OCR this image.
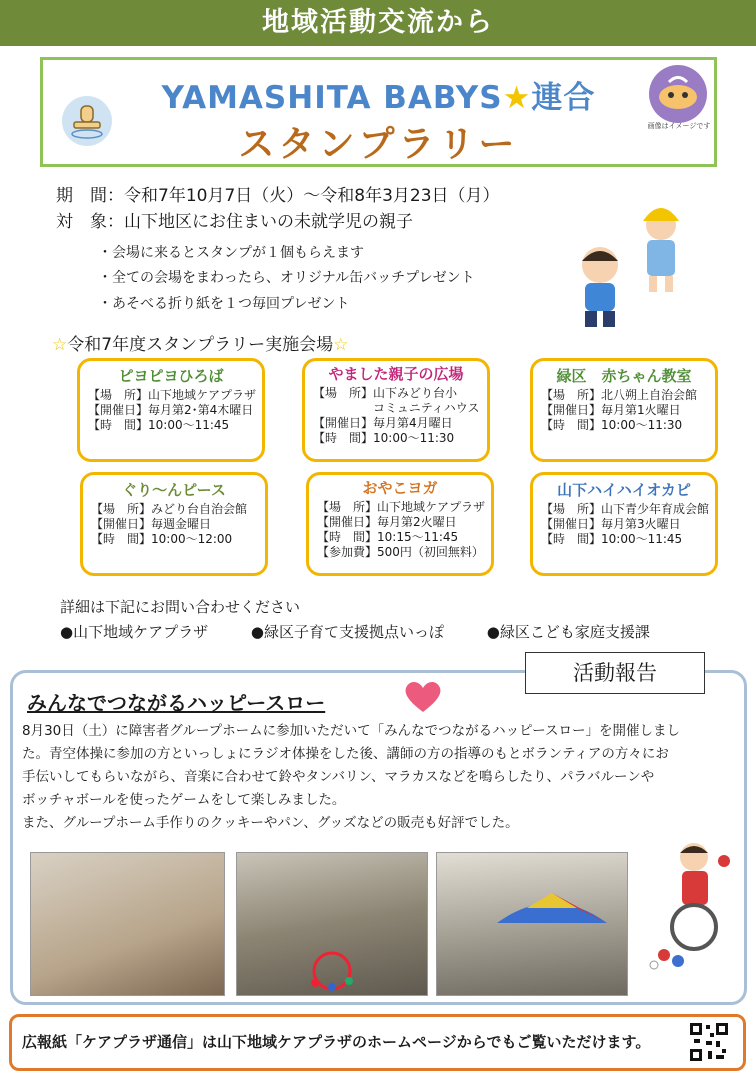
地域活動交流から
YAMASHITA BABYS★連合
スタンプラリー	画像はイメージです
期　間：令和7年10月7日（火）～令和8年3月23日（月）
対　象：山下地区にお住まいの未就学児の親子
・会場に来るとスタンプが１個もらえます
・全ての会場をまわったら、オリジナル缶バッチプレゼント
・あそべる折り紙を１つ毎回プレゼント
☆令和7年度スタンプラリー実施会場☆
ピヨピヨひろば
【場　所】山下地域ケアプラザ
【開催日】毎月第2･第4木曜日
【時　間】10:00～11:45
やました親子の広場
【場　所】山下みどり台小
　　　　　コミュニティハウス
【開催日】毎月第4月曜日
【時　間】10:00～11:30
緑区　赤ちゃん教室
【場　所】北八朔上自治会館
【開催日】毎月第1火曜日
【時　間】10:00～11:30
ぐり～んピース
【場　所】みどり台自治会館
【開催日】毎週金曜日
【時　間】10:00～12:00
おやこヨガ
【場　所】山下地域ケアプラザ
【開催日】毎月第2火曜日
【時　間】10:15～11:45
【参加費】500円（初回無料）
山下ハイハイオカピ
【場　所】山下青少年育成会館
【開催日】毎月第3火曜日
【時　間】10:00～11:45
詳細は下記にお問い合わせください
●山下地域ケアプラザ	●緑区子育て支援拠点いっぽ	●緑区こども家庭支援課
活動報告
みんなでつながるハッピースロー
8月30日（土）に障害者グループホームに参加いただいて「みんなでつながるハッピースロー」を開催しまし
た。青空体操に参加の方といっしょにラジオ体操をした後、講師の方の指導のもとボランティアの方々にお
手伝いしてもらいながら、音楽に合わせて鈴やタンバリン、マラカスなどを鳴らしたり、パラバルーンや
ボッチャボールを使ったゲームをして楽しみました。
また、グループホーム手作りのクッキーやパン、グッズなどの販売も好評でした。
広報紙「ケアプラザ通信」は山下地域ケアプラザのホームページからでもご覧いただけます。
